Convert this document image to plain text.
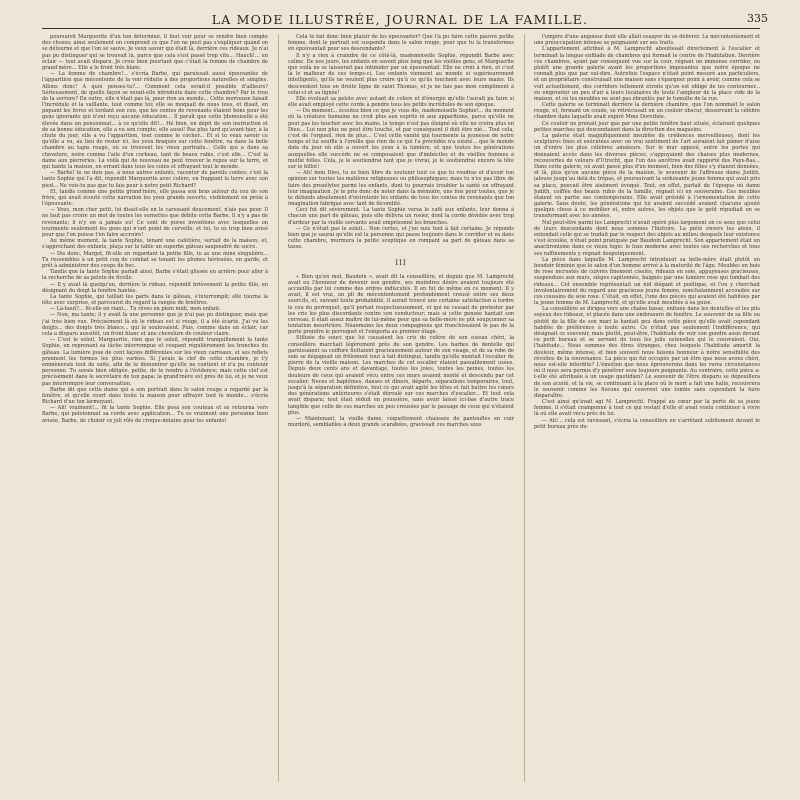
LA MODE ILLUSTRÉE, JOURNAL DE LA FAMILLE.	335

poursuivit Marguerite d'un ton déterminé, il faut voir pour se rendre bien compte des choses; ainsi seulement on comprend ce que l'on ne peut pas s'expliquer quand on se détourne et que l'on se sauve. Je veux savoir qui était là, derrière ces rideaux. Je n'ai pas pu distinguer qui se trouvait là, parce que cela s'est passé trop vite... Hauch!... un éclair — tout avait disparu. Je crois bien pourtant que c'était la femme de chambre de grand'mère... Elle a le front très blanc.

— La femme de chambre!... s'écria Barbe, qui paraissait aussi épouvantée de l'apparition que mécontente de la voir réduite à des proportions naturelles et simples. Allons donc! A quoi penses-tu?... Comment cela serait-il possible d'ailleurs? Sérieusement, de quelle façon se serait-elle introduite dans cette chambre? Par le trou de la serrure? En outre, elle n'était pas là, pour rien au monde... Cette morveuse faisait l'incrédule et la vaillante, tout comme toi; elle se moquait de nous tous, et disait, en piquant les livres et tordant son cou, que les contes de revenants étaient bons pour les gens ignorants qui n'ont reçu aucune éducation... Il paraît que cette [demoiselle a été élevée dans un pensionnat... à ce qu'elle dit!... Hé bien, en dépit de son instruction et de sa bonne éducation, elle a vu son compte, elle aussi! Pas plus tard qu'avant-hier, à la chute du jour, elle a vu l'apparition, tout comme le cocher... Et si tu veux savoir ce qu'elle a vu, au lieu de rester ici, les yeux braqués sur cette fenêtre, va dans la belle chambre au tapis rouge, où se trouvent les vieux portraits... Celle qui a dans sa chevelure, noire comme l'aile d'un corbeau, tant de beaux rubis, c'est elle... C'est la dame aux pierreries. La voilà qui de nouveau ne peut trouver le repos sur la terre, et qui hante la maison, en errant dans tous les coins et effrayant tout le monde.

— Barbe! tu ne dois pas, à nous autres enfants, raconter de pareils contes; c'est la tante Sophie qui l'a dit, répondit Marguerite avec colère, en frappant la terre avec son pied... Ne vois-tu pas que tu fais peur à notre petit Richard?

Et, tandis comme une petite grand'mère, elle passa son bras autour du cou de son frère, qui avait écouté cette narration les yeux grands ouverts, visiblement en proie à l'épouvante.

— Vous, mon cher petit, lui disait-elle en le caressant doucement, n'aie pas peur. Il ne faut pas croire un mot de toutes les sornettes que débite cette Barbe. Il n'y a pas de revenants; il n'y en a jamais eu! Ce sont de pures inventions avec lesquelles on tourmente seulement les gens qui n'ont point de cervelle; et toi, tu es trop bien avisé pour que l'on puisse t'en faire accroire!

Au même moment, la tante Sophie, tenant une cafetière, sortait de la maison, et, s'approchant des enfants, plaça sur la table un superbe gâteau saupoudré de sucre.

— Dis donc, Margot, fit-elle en regardant la petite fille, tu as une mine singulière... Tu ressembles à un petit coq de combat se tenant les plumes hérissées, en garde, et prêt à administrer des coups de bec.

Tandis que la tante Sophie parlait ainsi, Barbe s'était glissée en arrière pour aller à la recherche de sa pelote de ficelle.

— Il y avait là quelqu'un, derrière le rideau, répondit brièvement la petite fille, en désignant du doigt la fenêtre hantée.

La tante Sophie, qui taillait les parts dans le gâteau, s'interrompit; elle tourna la tête avec surprise, et parcourut du regard la rangée de fenêtres.

— Là-haut?... fit-elle en riant... Tu rêves en plein midi, mon enfant.

— Non, ma tante; il y avait là une personne que je n'ai pas pu distinguer, mais que j'ai très bien vue. Précisément là où le rideau est si rouge, il a été écarté. J'ai vu les doigts... des doigts très blancs... qui le soulevaient. Puis, comme dans un éclair, car cela a disparu aussitôt, un front blanc et une chevelure de couleur claire.

— C'est le soleil, Marguerite, rien que le soleil, répondit tranquillement la tante Sophie, en reprenant sa tâche interrompue et coupant régulièrement les tranches du gâteau. La lumière joue de cent façons différentes sur les vieux carreaux, et ses reflets prennent les formes les plus variées. Si j'avais la clef de cette chambre, je t'y emmènerais tout de suite, afin de te démontrer qu'elle ne contient et n'a pu contenir personne. Tu serais bien obligée, petite, de te rendre à l'évidence; mais cette clef est précisément dans le secrétaire de ton papa; la grand'mère est près de lui, et je ne veux pas interrompre leur conversation.

Barbe dit que cette dame qui a son portrait dans le salon rouge a regardé par la fenêtre, et qu'elle court dans toute la maison pour effrayer tout le monde... s'écria Richard d'un ton larmoyant.

— Ah! vraiment!... fit la tante Sophie. Elle posa son couteau et se retourna vers Barbe, qui pelotonnait sa corde avec application... Tu es vraiment une personne bien avisée, Barbe, de choisir ce joli rôle de croque-mitaine pour les enfants!

Cela te fait donc bien plaisir de les épouvanter? Que t'a pu faire cette pauvre petite femme, dont le portrait est suspendu dans le salon rouge, pour que tu la transformes en épouvantail pour ses descendants?

Il n'y a rien à craindre de ce côté-là, mademoiselle Sophie, répondit Barbe avec calme. De nos jours, les enfants en savent plus long que les vieilles gens, et Marguerite que voilà ne se laisserait pas intimider par un épouvantail. Elle ne croit à rien, et c'est là le malheur de ces temps-ci. Les enfants viennent au monde si supérieurement intelligents, qu'ils ne veulent plus croire qu'à ce qu'ils touchent avec leurs mains. Ils descendent tous en droite ligne de saint Thomas, et je ne fais pas mon compliment à celui-ci et sa lignée!

Elle évoluait sa pelote avec autant de colère et d'énergie qu'elle l'aurait pu faire si elle avait employé cette corde à pendre tous les petits incrédules de son époque.

— Du moment... écoutez bien ce que je vous dis, mademoiselle Sophie!... du moment où la créature humaine ne croit plus aux esprits ni aux apparitions, parce qu'elle ne peut pas les toucher avec les mains, le temps n'est pas éloigné où elle ne croira plus en Dieu... Lui non plus ne peut être touché, et par conséquent il doit être nié... Tout cela, c'est de l'orgueil, rien de plus... C'est cette vanité qui tourmente la jeunesse de notre temps et lui souffle à l'oreille que rien de ce qui l'a précédée n'a existé... que le monde date du jour où elle a ouvert les yeux à la lumière, et que toutes les générations auxquelles elle succède ne se composaient que d'imbéciles et de vieilles femmes à moitié folles. Cela, je le soutiendrai tant que je vivrai, je le soutiendrai encore la tête sur le billot!

— Ah! mon Dieu, tu es bien libre de soutenir tout ce que tu voudras et d'avoir ton opinion sur toutes les matières religieuses ou philosophiques; mais tu n'es pas libre de faire des prosélytes parmi les enfants, dont tu pourrais troubler la santé en effrayant leur imagination. Je te prie donc de noter dans ta mémoire, une fois pour toutes, que je te défends absolument d'entretenir les enfants de tous les contes de revenants que ton imagination fabrique avec tant de fécondité.

Ceci fut dit sévèrement. La tante Sophie versa le café aux enfants, leur donna à chacun une part de gâteau, puis elle délivra un rosier, dont la corde dévidée avec trop d'ardeur par la vieille servante avait emprisonné les branches.

— Ce n'était pas le soleil... Non certes, et j'en suis tout à fait certaine. Je réponds bien que je saurai qu'elle est la personne qui passe toujours dans le corridor et va dans cette chambre, murmura la petite sceptique en rompant sa part de gâteau dans sa tasse.

III

« Bien qu'en mot, Baudoin », avait dit la conseillère, et depuis que M. Lamprecht avait eu l'honneur de devenir son gendre, ses moindres désirs avaient toujours été accueillis par lui comme des ordres indiscutés. Il en fut de même en ce moment. Il y avait, il est vrai, un pli de mécontentement profondément creusé entre ses deux sourcils, et, suivant toute probabilité, il aurait trouvé une certaine satisfaction à tordre le cou du perroquet, qu'il portait respectueusement, et qui ne cessait de protester par les cris les plus discordants contre son conducteur; mais si cette pensée hantait son cerveau, il était assez maître de lui-même pour que sa belle-mère ne pût soupçonner sa tentation meurtrière. Néanmoins les deux compagnons qui franchissaient le pas de la porte prendre le perroquet et l'emporta au premier étage.

Stilisée du souci que lui causaient les cris de colère de son oiseau chéri, la conseillère marchait légèrement près de son gendre. Les barbes de dentelle qui garnissaient sa coiffure flottaient gracieusement autour de son visage, et de sa robe de soie se dégageait un frôlement tout à fait distingué, tandis qu'elle montait l'escalier de pierre de la vieille maison. Les marches de cet escalier étaient passablement usées. Depuis deux cents ans et davantage, toutes les joies, toutes les peines, toutes les douleurs de ceux qui avaient vécu entre ces murs avaient monté et descendu par cet escalier. Noces et baptêmes, danses et dîners, départs, séparations temporaires, tout, jusqu'à la séparation définitive, tout ce qui avait agité les têtes et fait battre les cœurs des générations antérieures s'était déroulé sur ces marches d'escalier... Et tout cela avait disparu; tout était réduit en poussière, sans avoir laissé ici-bas d'autre trace tangible que celle de ces marches un peu creusées par le passage de ceux qui n'étaient plus.

— Maintenant, la vieille dame, coquettement chaussée de pantoufles en cuir mordoré, semblables à deux grands scarabées, gravissait ces marches sous

l'empire d'une angoisse dont elle allait essayer de se délivrer. Le mécontentement et une préoccupation intense se peignaient sur ses traits.

L'appartement attribué à M. Lamprecht aboutissait directement à l'escalier et terminait la longue enfilade de chambres qui formait le centre de l'habitation. Derrière ces chambres, ayant par conséquent vue sur la cour, régnait un immense corridor, ou plutôt une grande galerie ayant les proportions imposantes que notre époque ne connaît plus que par ouï-dire. Autrefois l'espace n'était point mesuré aux particuliers, et un propriétaire construisait une maison sans s'épargner point à avoir, comme cela se voit actuellement, des corridors tellement étroits qu'on est obligé de les contourner... en emprunter un peu d'air à leurs locataires de toute l'ampleur de la place vide de la maison, et où les meubles ne sont pas ébranlés par le tumulte de la rue.

Cette galerie se terminait derrière la dernière chambre, que l'on nommait le salon rouge, et, fermant un coude, se rétrécissait en un couloir obscur, desservant la célèbre chambre dans laquelle avait expiré Mme Dorothée.

Ce couloir ne prenait jour que par une petite fenêtre haut située, éclairant quelques petites marches qui descendaient dans la direction des magasins.

La galerie était magnifiquement meublée de crédences merveilleuses, dont les sculptures fines et exécutées avec un vrai sentiment de l'art auraient fait pâmer d'aise un d'entre les plus célèbres amateurs. Sur le mur opposé, entre les portes qui donnaient accès dans les diverses pièces, s'appuyaient des chaises plus modernes, recouvertes de velours d'Utrecht, que l'un des ancêtres avait rapporté des Pays-Bas... Dans cette galerie, où avait passé plus d'un moment, bien des fêtes s'y étaient données, et là, plus qu'en aucune pièce de la maison, le souvenir de l'affreuse dame Judith, jalouse jusqu'au delà du trépas, et poursuivant la séduisante jeune femme qui avait pris sa place, pouvait être aisément évoqué. Tout, en effet, parlait de l'époque où dame Judith, coiffée des beaux rubis de la famille, régnait ici en souveraine. Ces meubles étaient en partie ses contemporains. Elle avait présidé à l'ornementation de cette galerie. Sans doute, les générations qui lui avaient succédé avaient chacune ajouté quelque chose à ce mobilier et, entre autres, les objets que le goût répudiait en se transformant avec les années.

Nul peut-être parmi les Lamprecht n'avait opéré plus largement en ce sens que celui de leurs descendants dont nous sommes l'histoire. La piété envers les aïeux, il entendait celle qui se traduit par le respect des objets au milieu desquels leur existence s'est écoulée, n'était point pratiquée par Baudoin Lamprecht. Son appartement était un anachronisme dans ce vieux logis: le luxe moderne avec toutes ses recherches et tous ses raffinements y régnait despotiquement.

La pièce dans laquelle M. Lamprecht introduisit sa belle-mère était plutôt un boudoir féminin que le salon d'un homme arrivé à la maturité de l'âge. Meubles en bois de rose incrustés de cuivres finement ciselés, rideaux en soie, appuyeuses gracieuses, suspendues aux murs, sièges capitonnés, baignés par une lumière rose qui tombait des rideaux... Cet ensemble représentait un nid élégant et poétique, et l'on y cherchait involontairement du regard une gracieuse jeune femme, nonchalamment accoudée sur ces coussins de soie rose. C'était, en effet, l'une des pièces qui avaient été habitées par la jeune femme de M. Lamprecht, et qu'elle avait meublée à sa guise.

La conseillère se dirigea vers une chaise basse, enfouie dans les dentelles et les plis soyeux des rideaux, et placée dans une embrasure de fenêtre. Le souvenir de sa fille ou plutôt de la fille de son mari la hantait peu dans cette pièce qu'elle avait cependant habitée de préférence à toute autre. Ce n'était pas seulement l'indifférence, qui désignait ce souvenir, mais plutôt, peut-être, l'habitude de voir son gendre assis devant ce petit bureau et se servant de tous les jolis ustensiles qui le couvraient. Oui, l'habitude... Nous sommes des êtres étranges, chez lesquels l'habitude amortit la douleur, même intense, et bien souvent nous faisons honneur à notre sensibilité des révoltes de la souvenance. La pièce qui fut occupée par un être que nous avons chéri, nous est-elle interdite? L'émotion que nous éprouverons dans les rares circonstances où il nous sera permis d'y pénétrer sera toujours poignante. Au contraire, cette pièce a-t-elle été attribuée à un usage quotidien? Le souvenir de l'être disparu se dépouillera de son acuité, et la vie, se continuant à la place où le mort a fait une halte, recouvrera le souvenir comme les flocons qui couvrent une tombe sans cependant la faire disparaître.

C'est ainsi qu'avait agi M. Lamprecht. Frappé au cœur par la perte de sa jeune femme, il s'était cramponné à tout ce qui restait d'elle et avait voulu continuer à vivre là où elle avait vécu près de lui.

— Ah!... cela est ravissant, s'écria la conseillère en s'arrêtant subitement devant le petit bureau près du-
